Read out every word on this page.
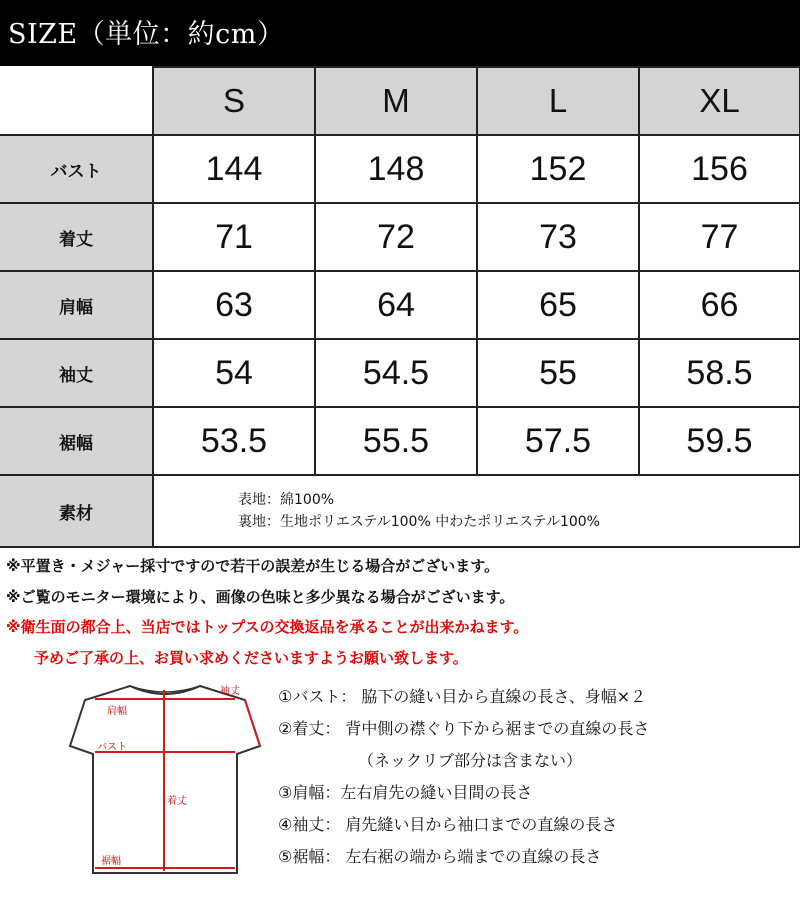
SIZE（単位：約cm）
	S	M	L	XL
バスト	144	148	152	156
着丈	71	72	73	77
肩幅	63	64	65	66
袖丈	54	54.5	55	58.5
裾幅	53.5	55.5	57.5	59.5
素材	表地：綿100%
裏地：生地ポリエステル100% 中わたポリエステル100%			
※平置き・メジャー採寸ですので若干の誤差が生じる場合がございます。
※ご覧のモニター環境により、画像の色味と多少異なる場合がございます。
※衛生面の都合上、当店ではトップスの交換返品を承ることが出来かねます。
予めご了承の上、お買い求めくださいますようお願い致します。
肩幅
バスト
着丈
袖丈
裾幅
①バスト： 脇下の縫い目から直線の長さ、身幅×２
②着丈： 背中側の襟ぐり下から裾までの直線の長さ
（ネックリブ部分は含まない）
③肩幅：左右肩先の縫い目間の長さ
④袖丈： 肩先縫い目から袖口までの直線の長さ
⑤裾幅： 左右裾の端から端までの直線の長さ
